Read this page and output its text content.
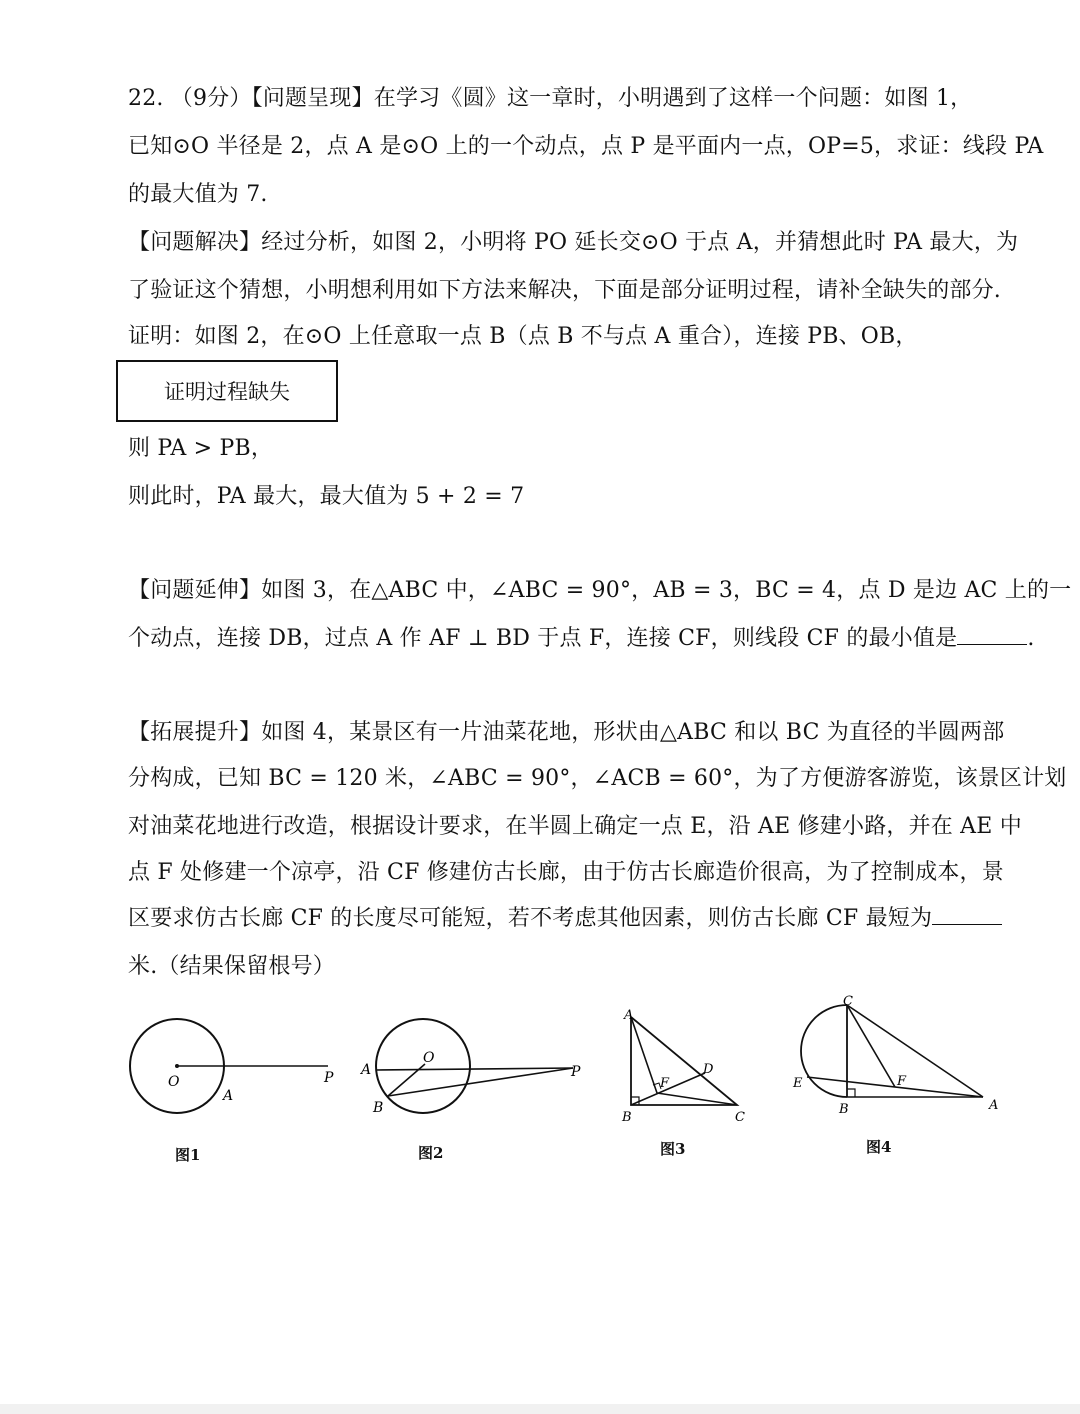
22. （9分）【问题呈现】在学习《圆》这一章时，小明遇到了这样一个问题：如图 1，
已知⊙O 半径是 2，点 A 是⊙O 上的一个动点，点 P 是平面内一点，OP=5，求证：线段 PA
的最大值为 7.
【问题解决】经过分析，如图 2，小明将 PO 延长交⊙O 于点 A，并猜想此时 PA 最大，为
了验证这个猜想，小明想利用如下方法来解决，下面是部分证明过程，请补全缺失的部分.
证明：如图 2，在⊙O 上任意取一点 B（点 B 不与点 A 重合），连接 PB、OB，
证明过程缺失
则 PA > PB，
则此时，PA 最大，最大值为 5 + 2 = 7
【问题延伸】如图 3，在△ABC 中，∠ABC = 90°，AB = 3，BC = 4，点 D 是边 AC 上的一
个动点，连接 DB，过点 A 作 AF ⊥ BD 于点 F，连接 CF，则线段 CF 的最小值是	.
【拓展提升】如图 4，某景区有一片油菜花地，形状由△ABC 和以 BC 为直径的半圆两部
分构成，已知 BC = 120 米，∠ABC = 90°，∠ACB = 60°，为了方便游客游览，该景区计划
对油菜花地进行改造，根据设计要求，在半圆上确定一点 E，沿 AE 修建小路，并在 AE 中
点 F 处修建一个凉亭，沿 CF 修建仿古长廊，由于仿古长廊造价很高，为了控制成本，景
区要求仿古长廊 CF 的长度尽可能短，若不考虑其他因素，则仿古长廊 CF 最短为
米.（结果保留根号）
O
A
P
图1
O
A
B
P
图2
A
B	C
D
F
图3
C
E
B
F
A
图4
